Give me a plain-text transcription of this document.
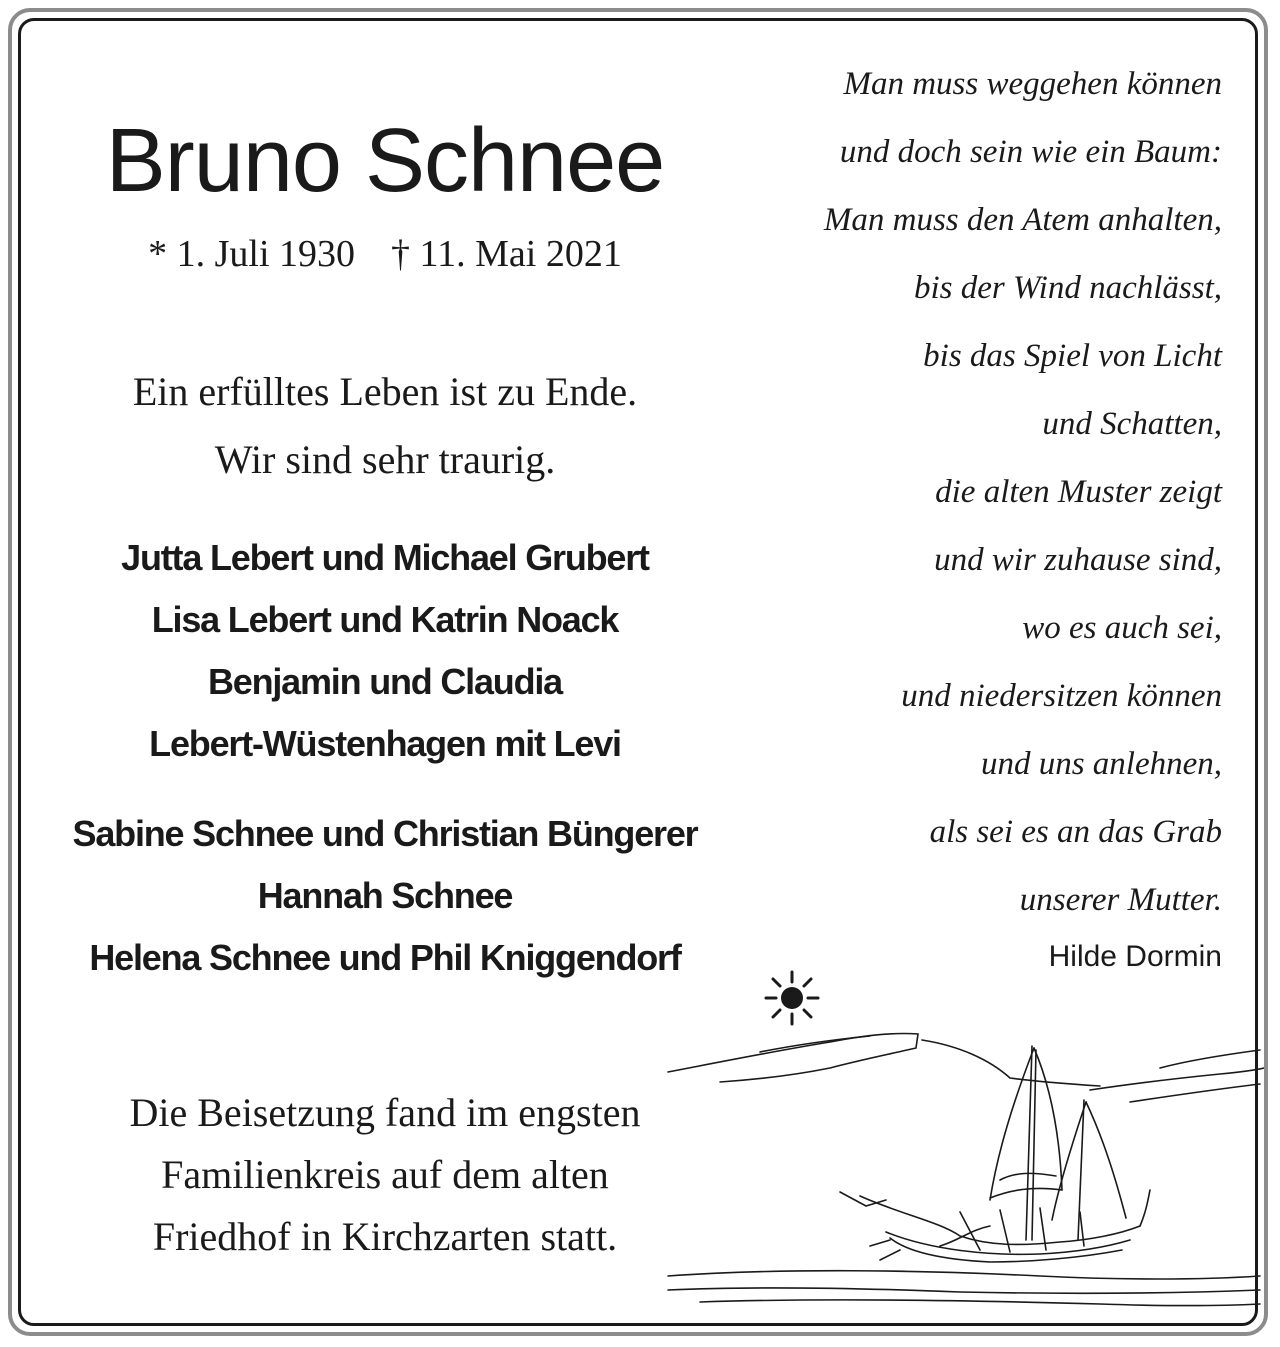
Bruno Schnee
* 1. Juli 1930 † 11. Mai 2021
Ein erfülltes Leben ist zu Ende.
Wir sind sehr traurig.
Jutta Lebert und Michael Grubert
Lisa Lebert und Katrin Noack
Benjamin und Claudia
Lebert-Wüstenhagen mit Levi
Sabine Schnee und Christian Büngerer
Hannah Schnee
Helena Schnee und Phil Kniggendorf
Die Beisetzung fand im engsten
Familienkreis auf dem alten
Friedhof in Kirchzarten statt.
Man muss weggehen können
und doch sein wie ein Baum:
Man muss den Atem anhalten,
bis der Wind nachlässt,
bis das Spiel von Licht
und Schatten,
die alten Muster zeigt
und wir zuhause sind,
wo es auch sei,
und niedersitzen können
und uns anlehnen,
als sei es an das Grab
unserer Mutter.
Hilde Dormin
